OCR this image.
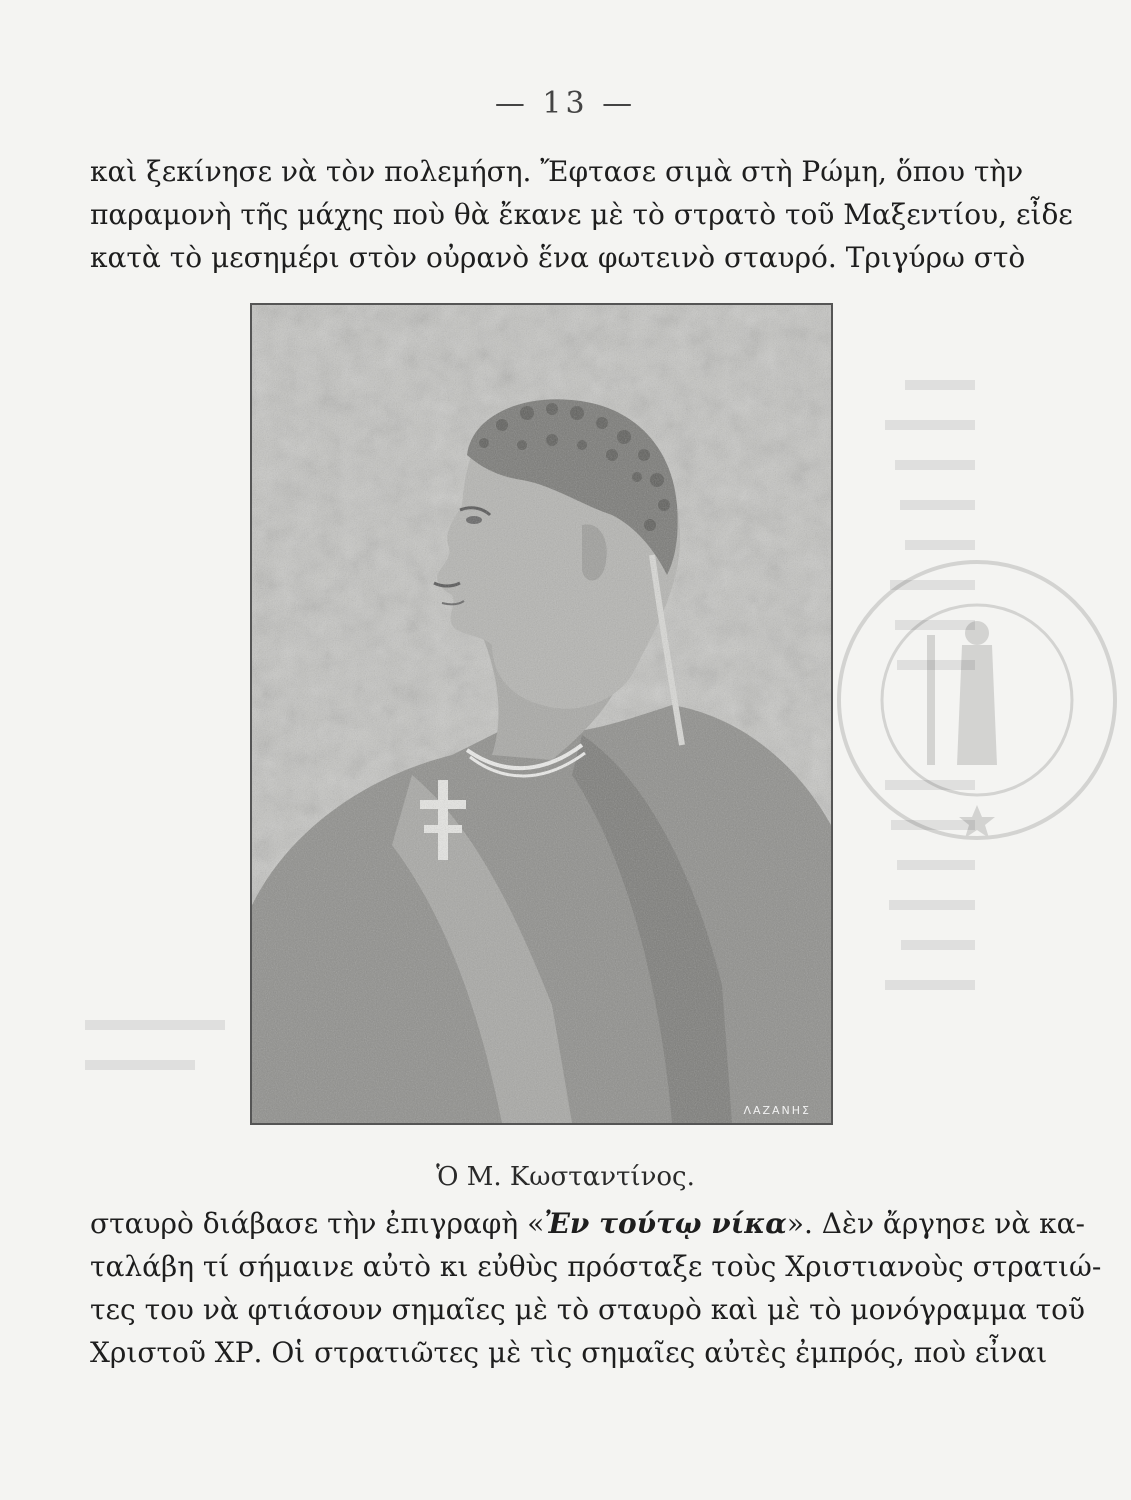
— 13 —
καὶ ξεκίνησε νὰ τὸν πολεμήση. Ἔφτασε σιμὰ στὴ Ρώμη, ὅπου τὴν
παραμονὴ τῆς μάχης ποὺ θὰ ἔκανε μὲ τὸ στρατὸ τοῦ Μαξεντίου, εἶδε
κατὰ τὸ μεσημέρι στὸν οὐρανὸ ἕνα φωτεινὸ σταυρό. Τριγύρω στὸ
ΛΑΖΑΝΗΣ
Ὁ Μ. Κωσταντίνος.
σταυρὸ διάβασε τὴν ἐπιγραφὴ «Ἐν τούτῳ νίκα». Δὲν ἄργησε νὰ κα-
ταλάβη τί σήμαινε αὐτὸ κι εὐθὺς πρόσταξε τοὺς Χριστιανοὺς στρατιώ-
τες του νὰ φτιάσουν σημαῖες μὲ τὸ σταυρὸ καὶ μὲ τὸ μονόγραμμα τοῦ
Χριστοῦ ΧΡ. Οἱ στρατιῶτες μὲ τὶς σημαῖες αὐτὲς ἐμπρός, ποὺ εἶναι
